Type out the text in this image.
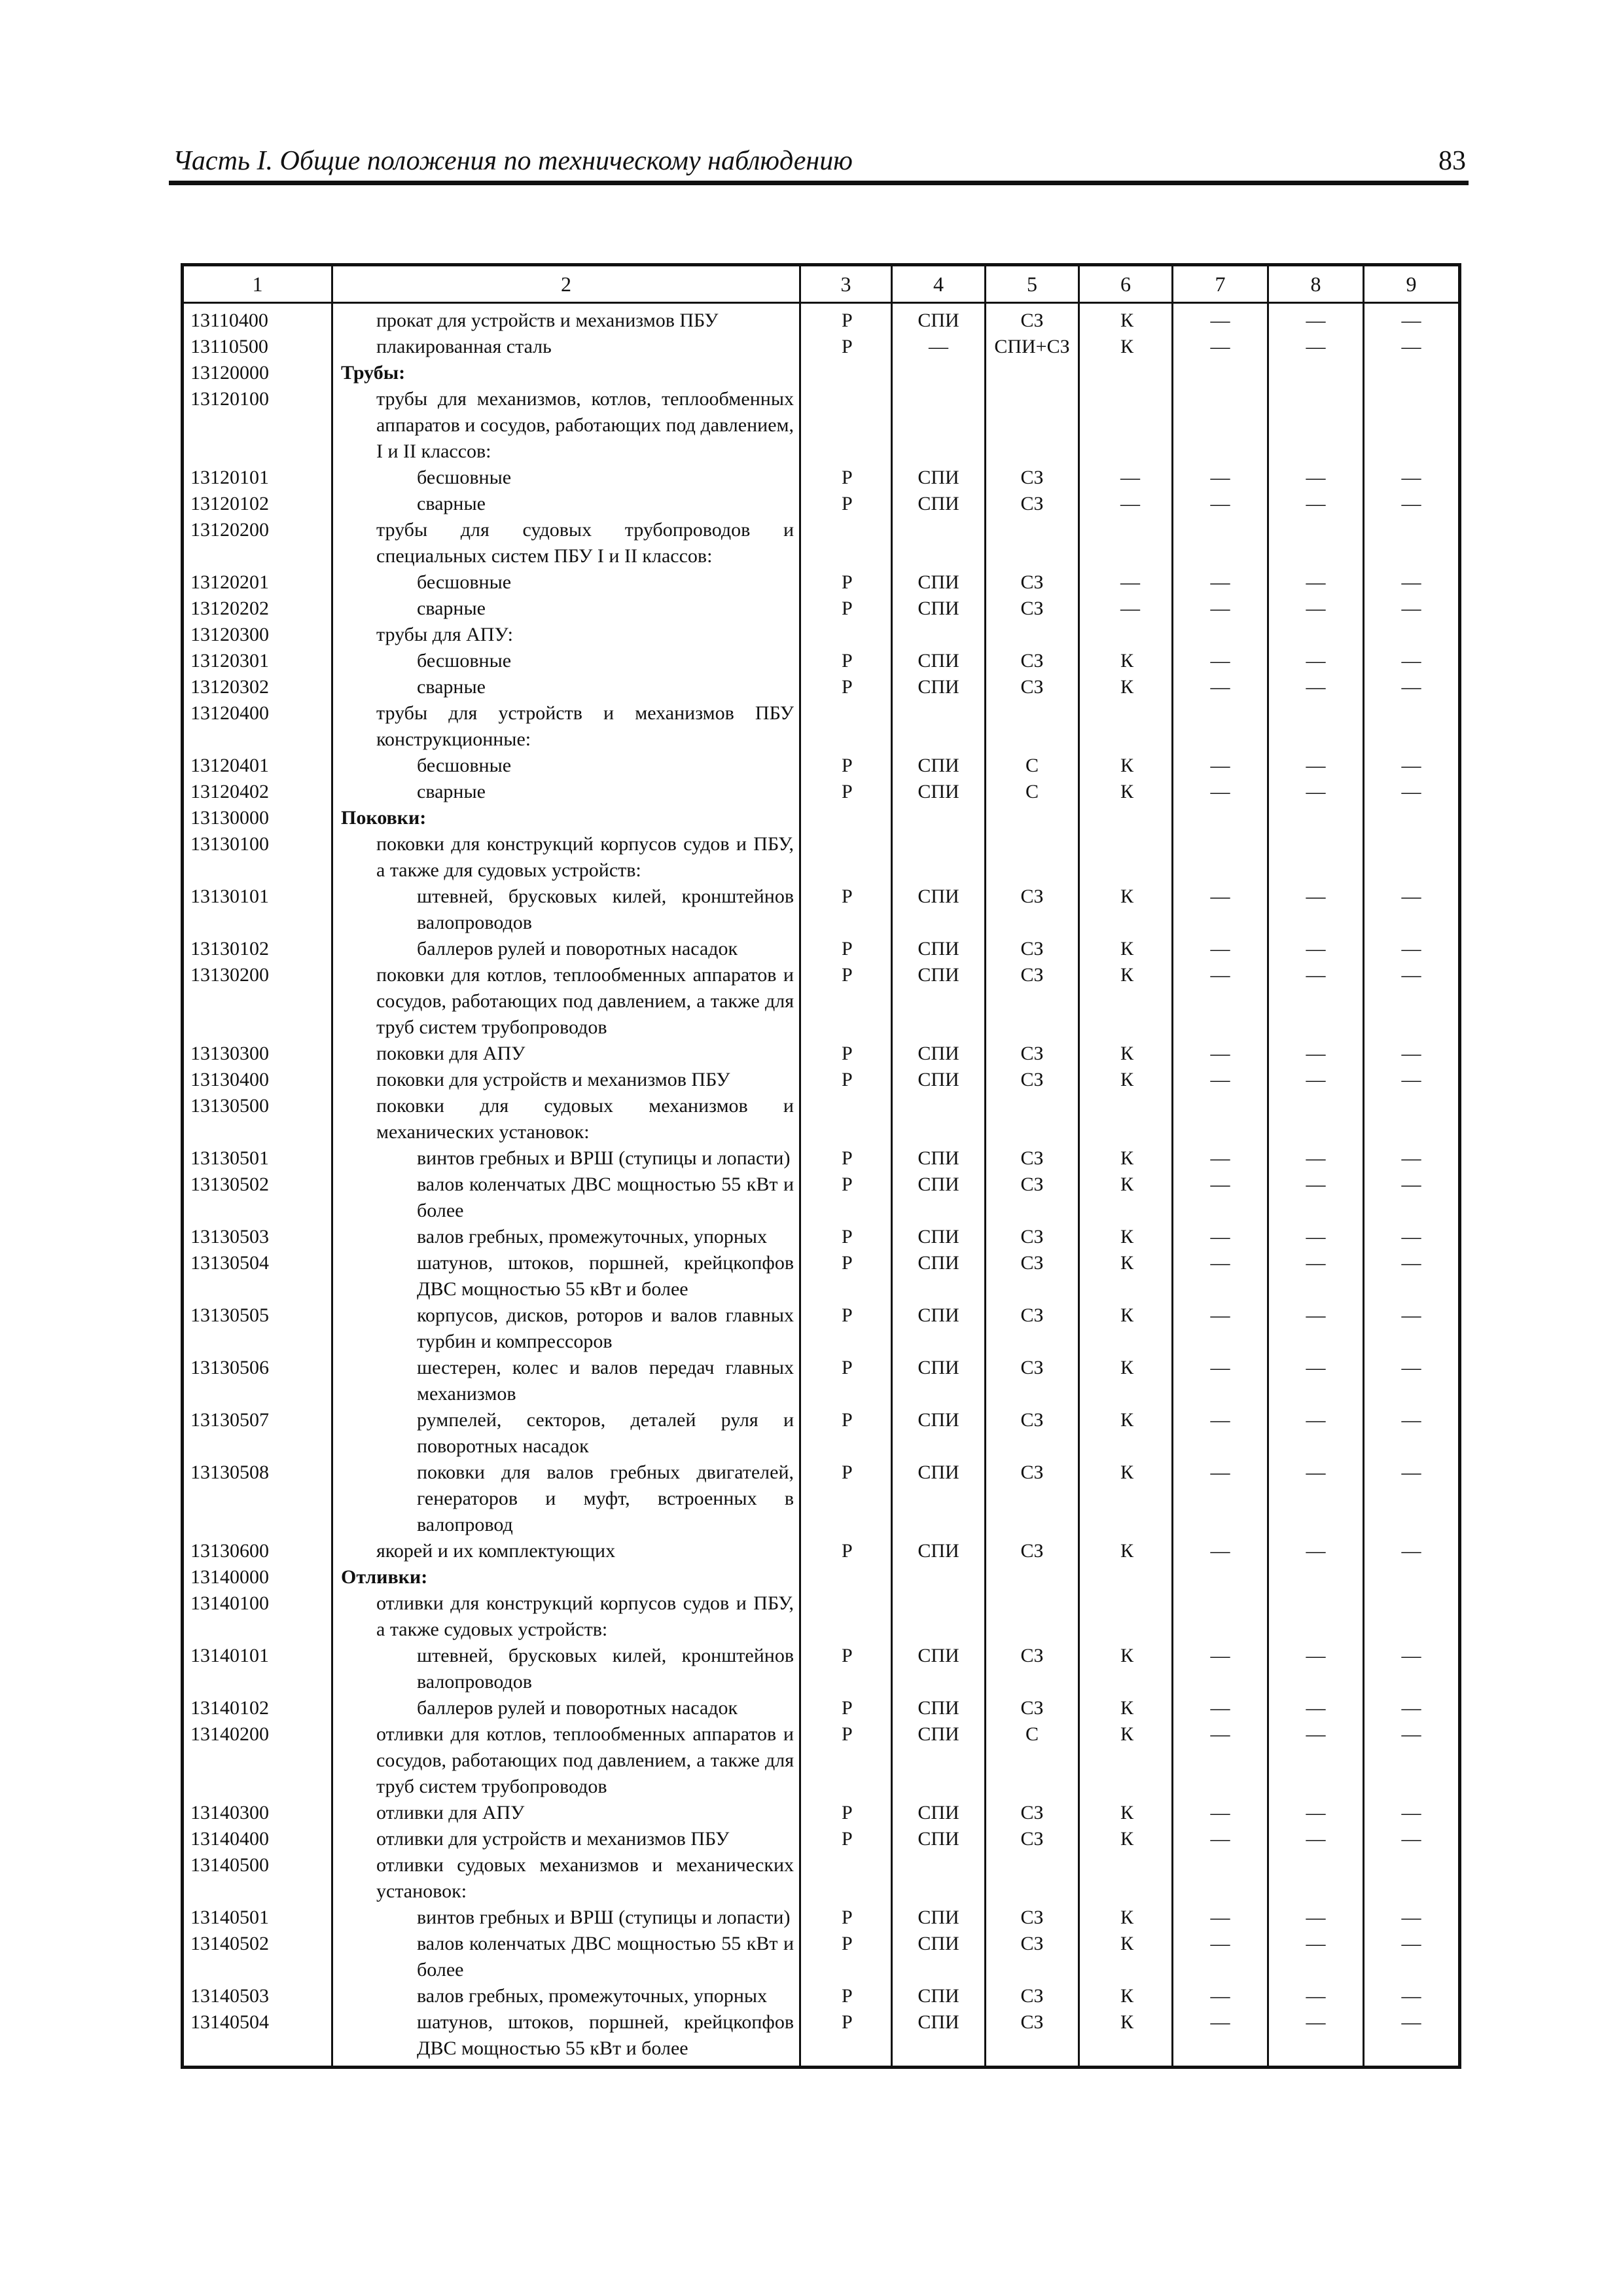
Часть I. Общие положения по техническому наблюдению	83
1	2	3	4	5	6	7	8	9
13110400	прокат для устройств и механизмов ПБУ	Р	СПИ	СЗ	К	—	—	—
13110500	плакированная сталь	Р	—	СПИ+СЗ	К	—	—	—
13120000	Трубы:							
13120100	трубы для механизмов, котлов, теплообменных аппаратов и сосудов, работающих под давлением, I и II классов:							
13120101	бесшовные	Р	СПИ	СЗ	—	—	—	—
13120102	сварные	Р	СПИ	СЗ	—	—	—	—
13120200	трубы для судовых трубопроводов и специальных систем ПБУ I и II классов:							
13120201	бесшовные	Р	СПИ	СЗ	—	—	—	—
13120202	сварные	Р	СПИ	СЗ	—	—	—	—
13120300	трубы для АПУ:							
13120301	бесшовные	Р	СПИ	СЗ	К	—	—	—
13120302	сварные	Р	СПИ	СЗ	К	—	—	—
13120400	трубы для устройств и механизмов ПБУ конструкционные:							
13120401	бесшовные	Р	СПИ	С	К	—	—	—
13120402	сварные	Р	СПИ	С	К	—	—	—
13130000	Поковки:							
13130100	поковки для конструкций корпусов судов и ПБУ, а также для судовых устройств:							
13130101	штевней, брусковых килей, кронштейнов валопроводов	Р	СПИ	СЗ	К	—	—	—
13130102	баллеров рулей и поворотных насадок	Р	СПИ	СЗ	К	—	—	—
13130200	поковки для котлов, теплообменных аппаратов и сосудов, работающих под давлением, а также для труб систем трубопроводов	Р	СПИ	СЗ	К	—	—	—
13130300	поковки для АПУ	Р	СПИ	СЗ	К	—	—	—
13130400	поковки для устройств и механизмов ПБУ	Р	СПИ	СЗ	К	—	—	—
13130500	поковки для судовых механизмов и механических установок:							
13130501	винтов гребных и ВРШ (ступицы и лопасти)	Р	СПИ	СЗ	К	—	—	—
13130502	валов коленчатых ДВС мощностью 55 кВт и более	Р	СПИ	СЗ	К	—	—	—
13130503	валов гребных, промежуточных, упорных	Р	СПИ	СЗ	К	—	—	—
13130504	шатунов, штоков, поршней, крейцкопфов ДВС мощностью 55 кВт и более	Р	СПИ	СЗ	К	—	—	—
13130505	корпусов, дисков, роторов и валов главных турбин и компрессоров	Р	СПИ	СЗ	К	—	—	—
13130506	шестерен, колес и валов передач главных механизмов	Р	СПИ	СЗ	К	—	—	—
13130507	румпелей, секторов, деталей руля и поворотных насадок	Р	СПИ	СЗ	К	—	—	—
13130508	поковки для валов гребных двигателей, генераторов и муфт, встроенных в валопровод	Р	СПИ	СЗ	К	—	—	—
13130600	якорей и их комплектующих	Р	СПИ	СЗ	К	—	—	—
13140000	Отливки:							
13140100	отливки для конструкций корпусов судов и ПБУ, а также судовых устройств:							
13140101	штевней, брусковых килей, кронштейнов валопроводов	Р	СПИ	СЗ	К	—	—	—
13140102	баллеров рулей и поворотных насадок	Р	СПИ	СЗ	К	—	—	—
13140200	отливки для котлов, теплообменных аппаратов и сосудов, работающих под давлением, а также для труб систем трубопроводов	Р	СПИ	С	К	—	—	—
13140300	отливки для АПУ	Р	СПИ	СЗ	К	—	—	—
13140400	отливки для устройств и механизмов ПБУ	Р	СПИ	СЗ	К	—	—	—
13140500	отливки судовых механизмов и механических установок:							
13140501	винтов гребных и ВРШ (ступицы и лопасти)	Р	СПИ	СЗ	К	—	—	—
13140502	валов коленчатых ДВС мощностью 55 кВт и более	Р	СПИ	СЗ	К	—	—	—
13140503	валов гребных, промежуточных, упорных	Р	СПИ	СЗ	К	—	—	—
13140504	шатунов, штоков, поршней, крейцкопфов ДВС мощностью 55 кВт и более	Р	СПИ	СЗ	К	—	—	—
